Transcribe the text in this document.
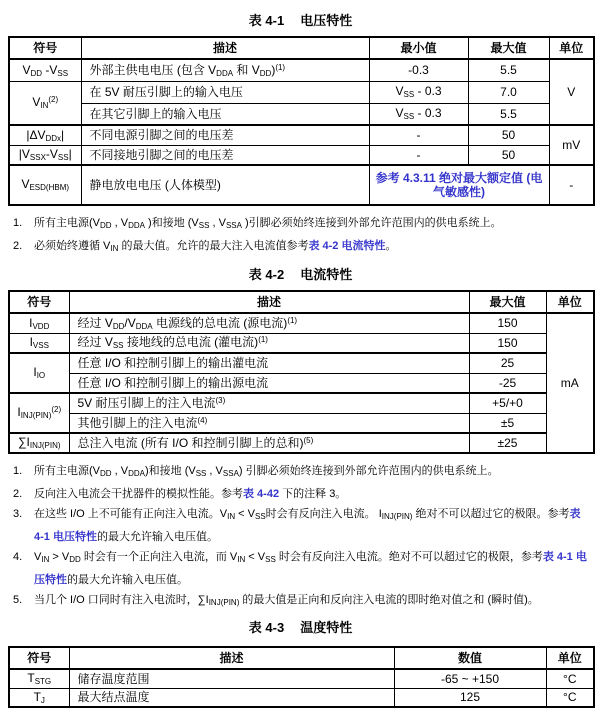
表 4-1 电压特性
符号	描述	最小值	最大值	单位
$V_{DD}$ $-V_{SS}$	外部主供电电压 (包含 $V_{DDA}$ 和 $V_{DD})^{(1)}$	-0.3	5.5	V
$V_{IN}^{(2)}$	在 5V 耐压引脚上的输入电压	$V_{SS} - 0.3$	7.0	
	在其它引脚上的输入电压	$V_{SS} - 0.3$	5.5	
$|\Delta V_{DDx}|$	不同电源引脚之间的电压差	-	50	mV
$|V_{SSX}-V_{SS}|$	不同接地引脚之间的电压差	-	50	
$V_{ESD(HBM)}$	静电放电电压 (人体模型)	参考 4.3.11 绝对最大额定值 (电气敏感性)		-
1. 所有主电源($V_{DD}$ , $V_{DDA}$ )和接地 ($V_{SS}$ , $V_{SSA}$ )引脚必须始终连接到外部允许范围内的供电系统上。
2. 必须始终遵循 $V_{IN}$ 的最大值。允许的最大注入电流值参考表 4-2 电流特性。
表 4-2 电流特性
符号	描述	最大值	单位
$I_{VDD}$	经过 $V_{DD}/V_{DDA}$ 电源线的总电流 (源电流)$^{(1)}$	150	mA
$I_{VSS}$	经过 $V_{SS}$ 接地线的总电流 (灌电流)$^{(1)}$	150	
$I_{IO}$	任意 I/O 和控制引脚上的输出灌电流	25	
	任意 I/O 和控制引脚上的输出源电流	-25	
$I_{INJ(PIN)}^{(2)}$	5V 耐压引脚上的注入电流$^{(3)}$	+5/+0	
	其他引脚上的注入电流$^{(4)}$	±5	
$\sum I_{INJ(PIN)}$	总注入电流 (所有 I/O 和控制引脚上的总和)$^{(5)}$	±25	
1. 所有主电源($V_{DD}$ , $V_{DDA}$)和接地 ($V_{SS}$ , $V_{SSA}$) 引脚必须始终连接到外部允许范围内的供电系统上。
2. 反向注入电流会干扰器件的模拟性能。参考表 4-42 下的注释 3。
3. 在这些 I/O 上不可能有正向注入电流。$V_{IN} < V_{SS}$时会有反向注入电流。 $I_{INJ(PIN)}$ 绝对不可以超过它的极限。参考表 4-1 电压特性的最大允许输入电压值。
4. $V_{IN} > V_{DD}$ 时会有一个正向注入电流，而 $V_{IN} < V_{SS}$ 时会有反向注入电流。绝对不可以超过它的极限，参考表 4-1 电压特性的最大允许输入电压值。
5. 当几个 I/O 口同时有注入电流时，$\sum I_{INJ(PIN)}$ 的最大值是正向和反向注入电流的即时绝对值之和 (瞬时值)。
表 4-3 温度特性
符号	描述	数值	单位
$T_{STG}$	储存温度范围	-65 ~ +150	°C
$T_J$	最大结点温度	125	°C
